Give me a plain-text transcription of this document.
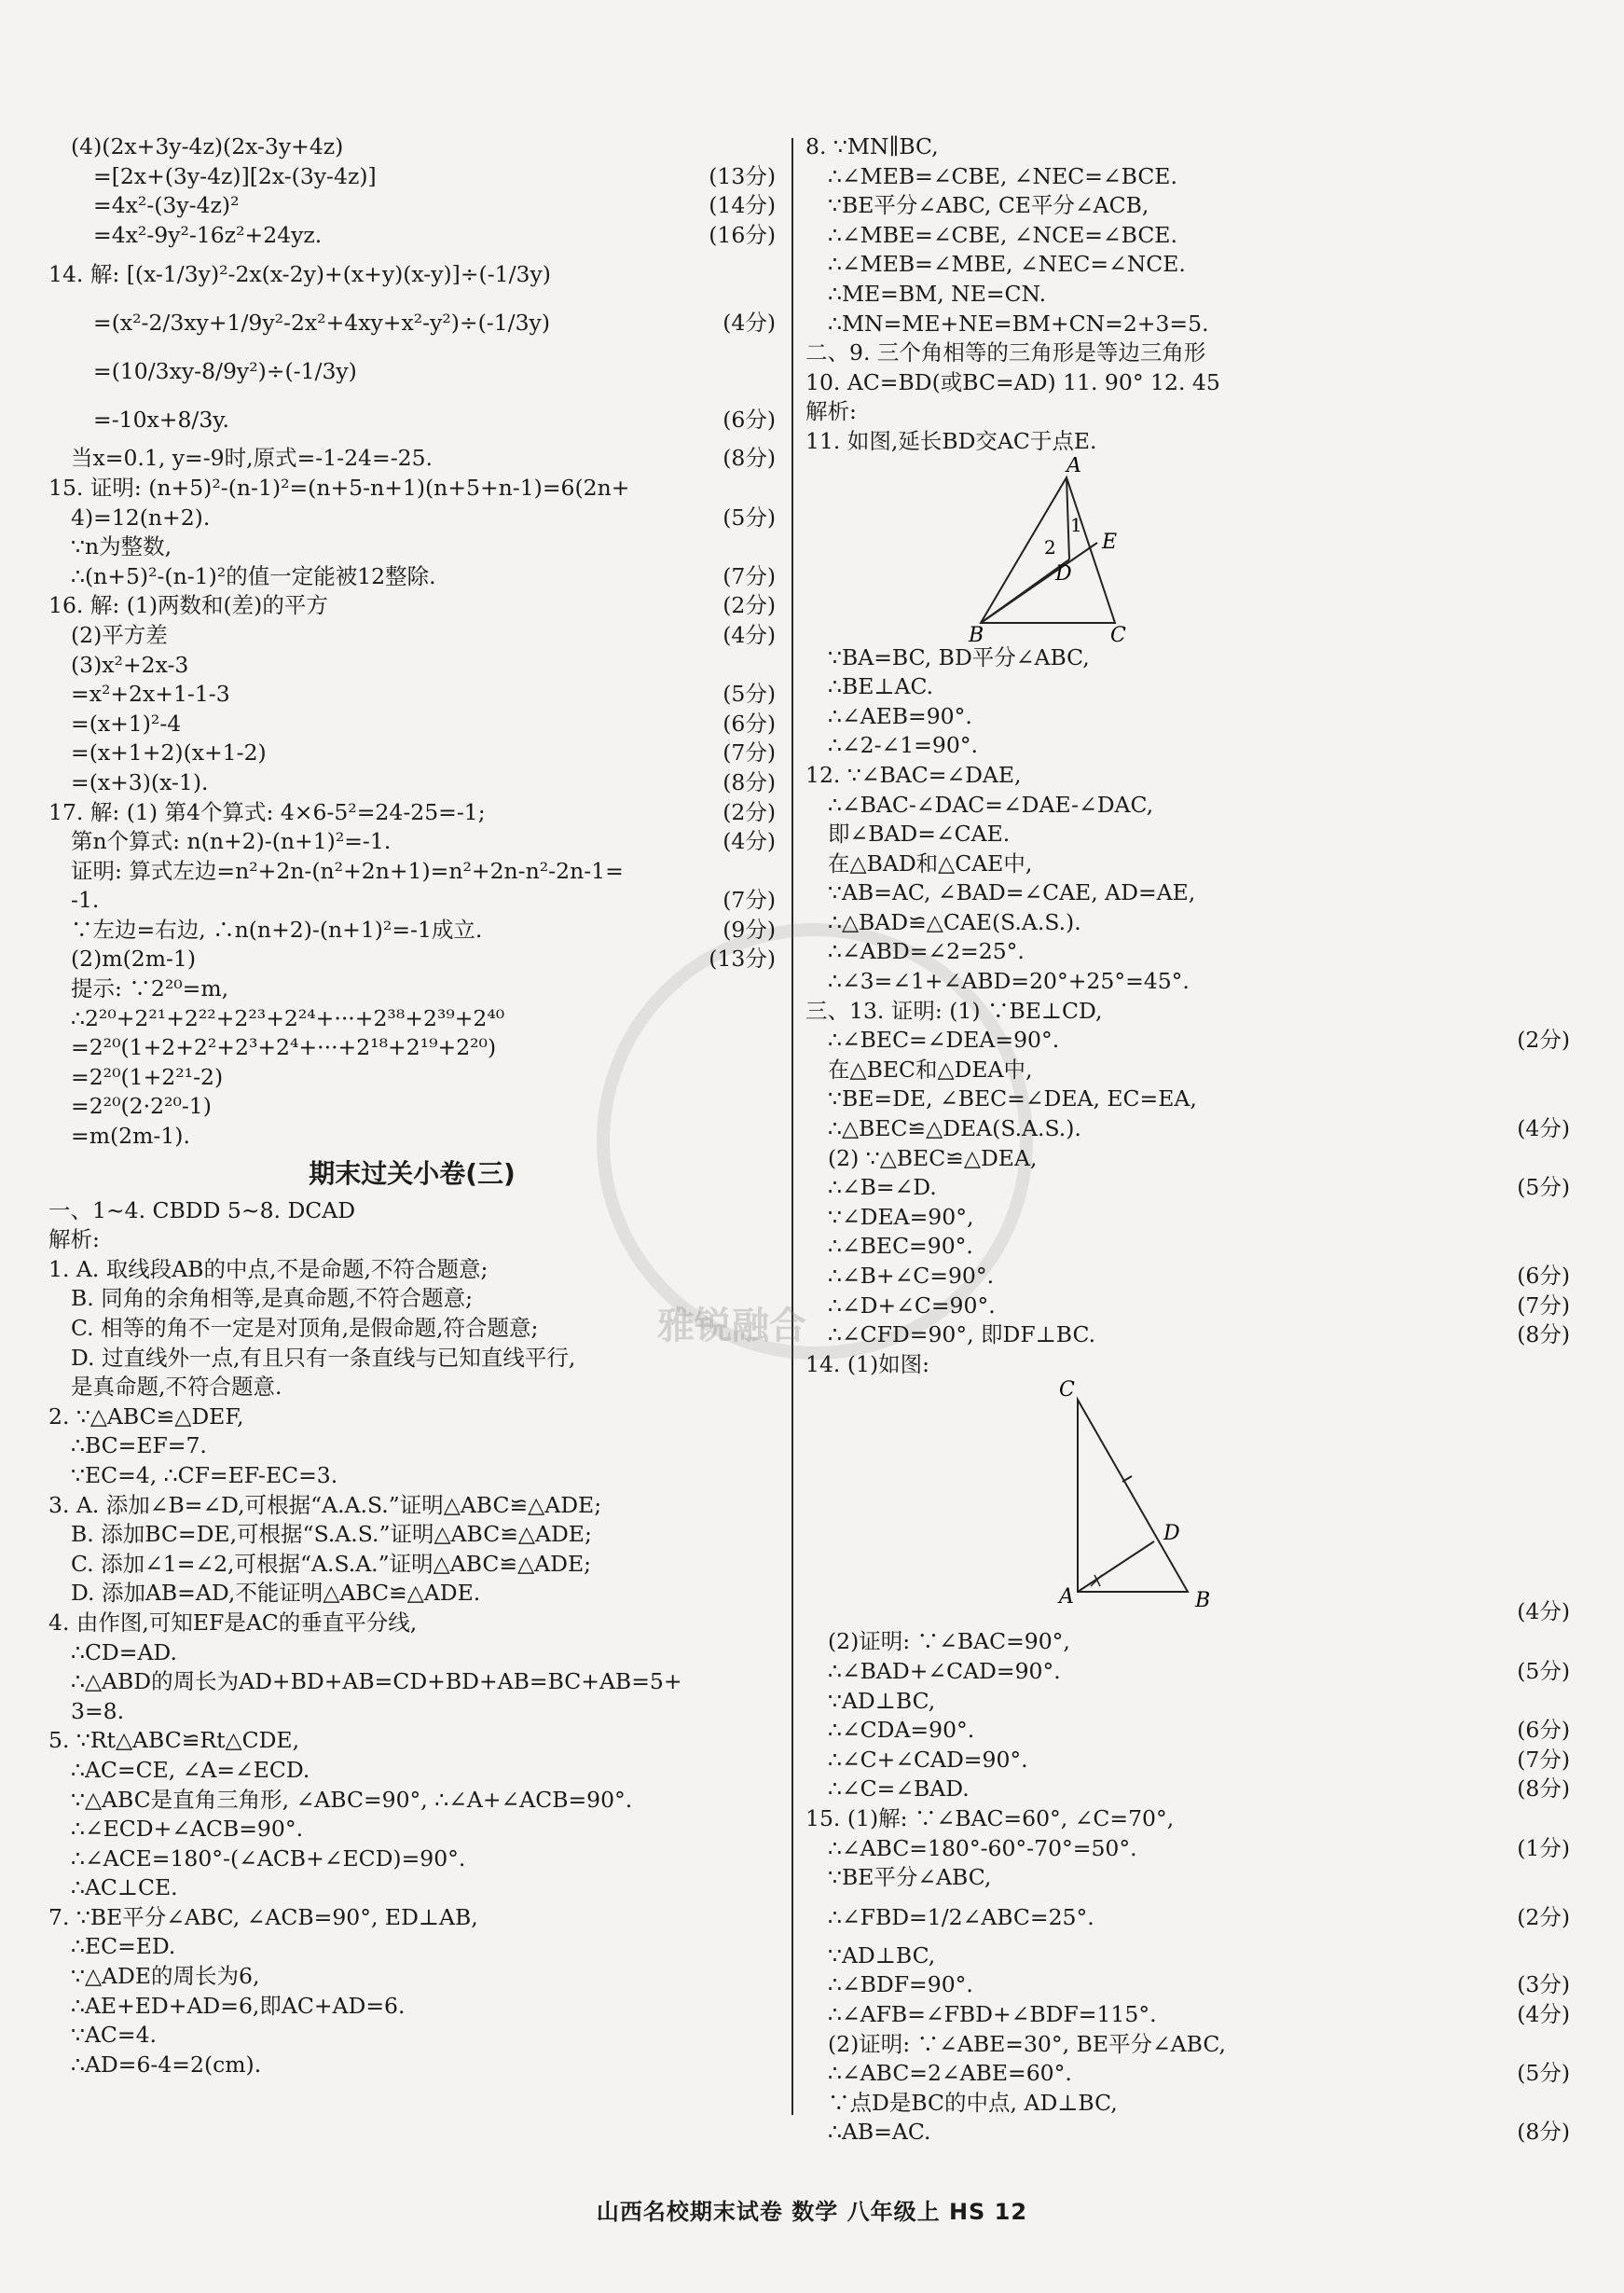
雅锐融合
(4)(2x+3y-4z)(2x-3y+4z)
=[2x+(3y-4z)][2x-(3y-4z)]	(13分)
=4x²-(3y-4z)²	(14分)
=4x²-9y²-16z²+24yz.	(16分)
14. 解: [(x-1/3y)²-2x(x-2y)+(x+y)(x-y)]÷(-1/3y)
=(x²-2/3xy+1/9y²-2x²+4xy+x²-y²)÷(-1/3y)	(4分)
=(10/3xy-8/9y²)÷(-1/3y)
=-10x+8/3y.	(6分)
当x=0.1, y=-9时,原式=-1-24=-25.	(8分)
15. 证明: (n+5)²-(n-1)²=(n+5-n+1)(n+5+n-1)=6(2n+
4)=12(n+2).	(5分)
∵n为整数,
∴(n+5)²-(n-1)²的值一定能被12整除.	(7分)
16. 解: (1)两数和(差)的平方	(2分)
(2)平方差	(4分)
(3)x²+2x-3
=x²+2x+1-1-3	(5分)
=(x+1)²-4	(6分)
=(x+1+2)(x+1-2)	(7分)
=(x+3)(x-1).	(8分)
17. 解: (1) 第4个算式: 4×6-5²=24-25=-1;	(2分)
第n个算式: n(n+2)-(n+1)²=-1.	(4分)
证明: 算式左边=n²+2n-(n²+2n+1)=n²+2n-n²-2n-1=
-1.	(7分)
∵左边=右边, ∴n(n+2)-(n+1)²=-1成立.	(9分)
(2)m(2m-1)	(13分)
提示: ∵2²⁰=m,
∴2²⁰+2²¹+2²²+2²³+2²⁴+···+2³⁸+2³⁹+2⁴⁰
=2²⁰(1+2+2²+2³+2⁴+···+2¹⁸+2¹⁹+2²⁰)
=2²⁰(1+2²¹-2)
=2²⁰(2·2²⁰-1)
=m(2m-1).
期末过关小卷(三)
一、1~4. CBDD 5~8. DCAD
解析:
1. A. 取线段AB的中点,不是命题,不符合题意;
B. 同角的余角相等,是真命题,不符合题意;
C. 相等的角不一定是对顶角,是假命题,符合题意;
D. 过直线外一点,有且只有一条直线与已知直线平行,
是真命题,不符合题意.
2. ∵△ABC≌△DEF,
∴BC=EF=7.
∵EC=4, ∴CF=EF-EC=3.
3. A. 添加∠B=∠D,可根据“A.A.S.”证明△ABC≌△ADE;
B. 添加BC=DE,可根据“S.A.S.”证明△ABC≌△ADE;
C. 添加∠1=∠2,可根据“A.S.A.”证明△ABC≌△ADE;
D. 添加AB=AD,不能证明△ABC≌△ADE.
4. 由作图,可知EF是AC的垂直平分线,
∴CD=AD.
∴△ABD的周长为AD+BD+AB=CD+BD+AB=BC+AB=5+
3=8.
5. ∵Rt△ABC≌Rt△CDE,
∴AC=CE, ∠A=∠ECD.
∵△ABC是直角三角形, ∠ABC=90°, ∴∠A+∠ACB=90°.
∴∠ECD+∠ACB=90°.
∴∠ACE=180°-(∠ACB+∠ECD)=90°.
∴AC⊥CE.
7. ∵BE平分∠ABC, ∠ACB=90°, ED⊥AB,
∴EC=ED.
∵△ADE的周长为6,
∴AE+ED+AD=6,即AC+AD=6.
∵AC=4.
∴AD=6-4=2(cm).
8. ∵MN∥BC,
∴∠MEB=∠CBE, ∠NEC=∠BCE.
∵BE平分∠ABC, CE平分∠ACB,
∴∠MBE=∠CBE, ∠NCE=∠BCE.
∴∠MEB=∠MBE, ∠NEC=∠NCE.
∴ME=BM, NE=CN.
∴MN=ME+NE=BM+CN=2+3=5.
二、9. 三个角相等的三角形是等边三角形
10. AC=BD(或BC=AD) 11. 90° 12. 45
解析:
11. 如图,延长BD交AC于点E.
A
B	C
D
E
1
2
∵BA=BC, BD平分∠ABC,
∴BE⊥AC.
∴∠AEB=90°.
∴∠2-∠1=90°.
12. ∵∠BAC=∠DAE,
∴∠BAC-∠DAC=∠DAE-∠DAC,
即∠BAD=∠CAE.
在△BAD和△CAE中,
∵AB=AC, ∠BAD=∠CAE, AD=AE,
∴△BAD≌△CAE(S.A.S.).
∴∠ABD=∠2=25°.
∴∠3=∠1+∠ABD=20°+25°=45°.
三、13. 证明: (1) ∵BE⊥CD,
∴∠BEC=∠DEA=90°.	(2分)
在△BEC和△DEA中,
∵BE=DE, ∠BEC=∠DEA, EC=EA,
∴△BEC≌△DEA(S.A.S.).	(4分)
(2) ∵△BEC≌△DEA,
∴∠B=∠D.	(5分)
∵∠DEA=90°,
∴∠BEC=90°.
∴∠B+∠C=90°.	(6分)
∴∠D+∠C=90°.	(7分)
∴∠CFD=90°, 即DF⊥BC.	(8分)
14. (1)如图:
C
A	B
D
(4分)
(2)证明: ∵∠BAC=90°,
∴∠BAD+∠CAD=90°.	(5分)
∵AD⊥BC,
∴∠CDA=90°.	(6分)
∴∠C+∠CAD=90°.	(7分)
∴∠C=∠BAD.	(8分)
15. (1)解: ∵∠BAC=60°, ∠C=70°,
∴∠ABC=180°-60°-70°=50°.	(1分)
∵BE平分∠ABC,
∴∠FBD=1/2∠ABC=25°.	(2分)
∵AD⊥BC,
∴∠BDF=90°.	(3分)
∴∠AFB=∠FBD+∠BDF=115°.	(4分)
(2)证明: ∵∠ABE=30°, BE平分∠ABC,
∴∠ABC=2∠ABE=60°.	(5分)
∵点D是BC的中点, AD⊥BC,
∴AB=AC.	(8分)
山西名校期末试卷 数学 八年级上 HS 12
